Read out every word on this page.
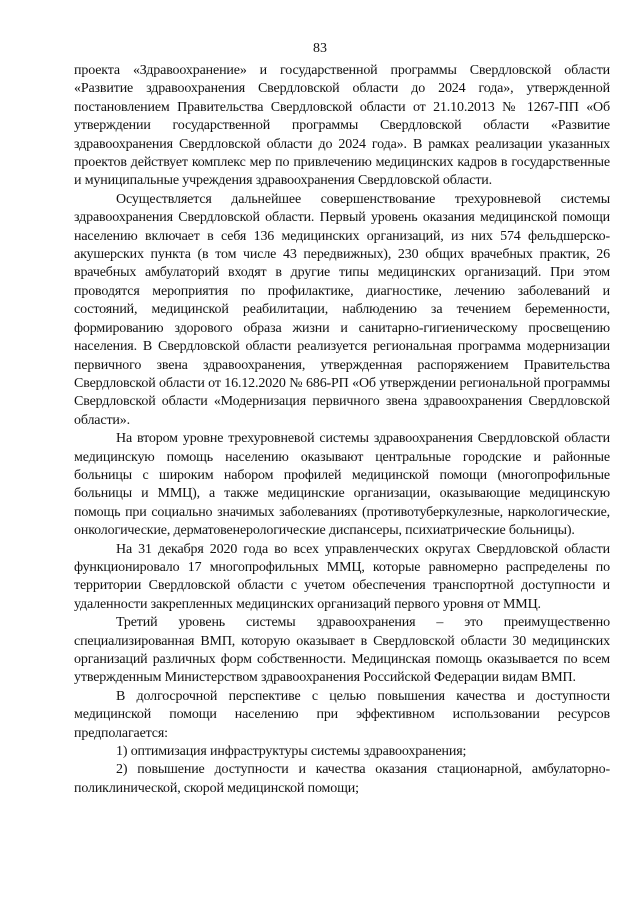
83

проекта «Здравоохранение» и государственной программы Свердловской области «Развитие здравоохранения Свердловской области до 2024 года», утвержденной постановлением Правительства Свердловской области от 21.10.2013 № 1267-ПП «Об утверждении государственной программы Свердловской области «Развитие здравоохранения Свердловской области до 2024 года». В рамках реализации указанных проектов действует комплекс мер по привлечению медицинских кадров в государственные и муниципальные учреждения здравоохранения Свердловской области.

Осуществляется дальнейшее совершенствование трехуровневой системы здравоохранения Свердловской области. Первый уровень оказания медицинской помощи населению включает в себя 136 медицинских организаций, из них 574 фельдшерско-акушерских пункта (в том числе 43 передвижных), 230 общих врачебных практик, 26 врачебных амбулаторий входят в другие типы медицинских организаций. При этом проводятся мероприятия по профилактике, диагностике, лечению заболеваний и состояний, медицинской реабилитации, наблюдению за течением беременности, формированию здорового образа жизни и санитарно-гигиеническому просвещению населения. В Свердловской области реализуется региональная программа модернизации первичного звена здравоохранения, утвержденная распоряжением Правительства Свердловской области от 16.12.2020 № 686-РП «Об утверждении региональной программы Свердловской области «Модернизация первичного звена здравоохранения Свердловской области».

На втором уровне трехуровневой системы здравоохранения Свердловской области медицинскую помощь населению оказывают центральные городские и районные больницы с широким набором профилей медицинской помощи (многопрофильные больницы и ММЦ), а также медицинские организации, оказывающие медицинскую помощь при социально значимых заболеваниях (противотуберкулезные, наркологические, онкологические, дерматовенерологические диспансеры, психиатрические больницы).

На 31 декабря 2020 года во всех управленческих округах Свердловской области функционировало 17 многопрофильных ММЦ, которые равномерно распределены по территории Свердловской области с учетом обеспечения транспортной доступности и удаленности закрепленных медицинских организаций первого уровня от ММЦ.

Третий уровень системы здравоохранения – это преимущественно специализированная ВМП, которую оказывает в Свердловской области 30 медицинских организаций различных форм собственности. Медицинская помощь оказывается по всем утвержденным Министерством здравоохранения Российской Федерации видам ВМП.

В долгосрочной перспективе с целью повышения качества и доступности медицинской помощи населению при эффективном использовании ресурсов предполагается:

1) оптимизация инфраструктуры системы здравоохранения;

2) повышение доступности и качества оказания стационарной, амбулаторно-поликлинической, скорой медицинской помощи;
